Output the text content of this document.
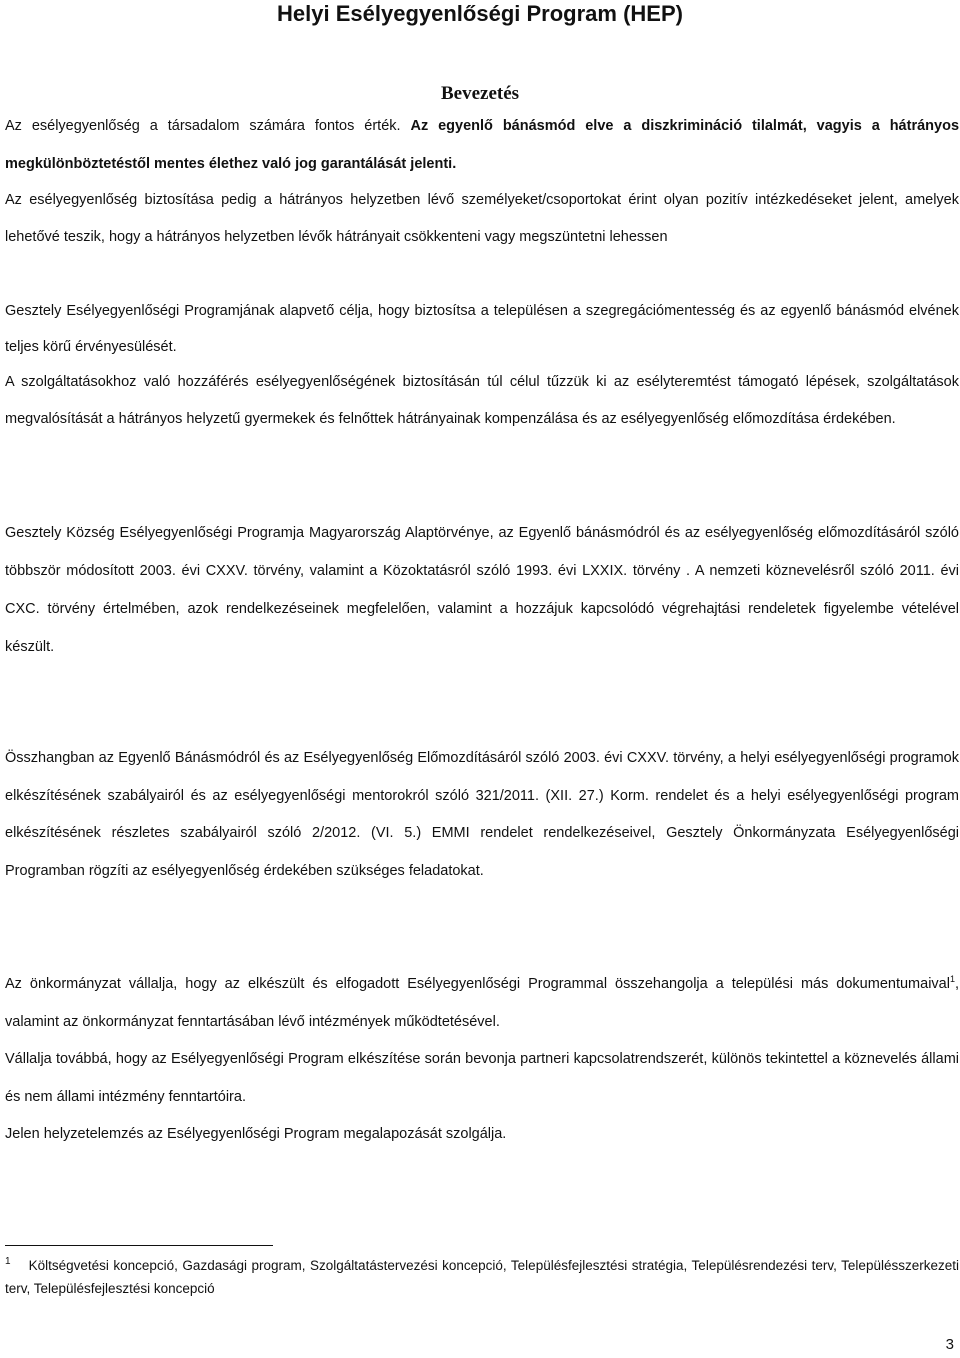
Helyi Esélyegyenlőségi Program (HEP)
Bevezetés

Az esélyegyenlőség a társadalom számára fontos érték. Az egyenlő bánásmód elve a diszkrimináció tilalmát, vagyis a hátrányos megkülönböztetéstől mentes élethez való jog garantálását jelenti.

Az esélyegyenlőség biztosítása pedig a hátrányos helyzetben lévő személyeket/csoportokat érint olyan pozitív intézkedéseket jelent, amelyek lehetővé teszik, hogy a hátrányos helyzetben lévők hátrányait csökkenteni vagy megszüntetni lehessen

Gesztely Esélyegyenlőségi Programjának alapvető célja, hogy biztosítsa a településen a szegregációmentesség és az egyenlő bánásmód elvének teljes körű érvényesülését.

A szolgáltatásokhoz való hozzáférés esélyegyenlőségének biztosításán túl célul tűzzük ki az esélyteremtést támogató lépések, szolgáltatások megvalósítását a hátrányos helyzetű gyermekek és felnőttek hátrányainak kompenzálása és az esélyegyenlőség előmozdítása érdekében.

Gesztely Község Esélyegyenlőségi Programja Magyarország Alaptörvénye, az Egyenlő bánásmódról és az esélyegyenlőség előmozdításáról szóló többször módosított 2003. évi CXXV. törvény, valamint a Közoktatásról szóló 1993. évi LXXIX. törvény . A nemzeti köznevelésről szóló 2011. évi CXC. törvény értelmében, azok rendelkezéseinek megfelelően, valamint a hozzájuk kapcsolódó végrehajtási rendeletek figyelembe vételével készült.

Összhangban az Egyenlő Bánásmódról és az Esélyegyenlőség Előmozdításáról szóló 2003. évi CXXV. törvény, a helyi esélyegyenlőségi programok elkészítésének szabályairól és az esélyegyenlőségi mentorokról szóló 321/2011. (XII. 27.) Korm. rendelet és a helyi esélyegyenlőségi program elkészítésének részletes szabályairól szóló 2/2012. (VI. 5.) EMMI rendelet rendelkezéseivel, Gesztely Önkormányzata Esélyegyenlőségi Programban rögzíti az esélyegyenlőség érdekében szükséges feladatokat.

Az önkormányzat vállalja, hogy az elkészült és elfogadott Esélyegyenlőségi Programmal összehangolja a települési más dokumentumaival$^1$, valamint az önkormányzat fenntartásában lévő intézmények működtetésével.

Vállalja továbbá, hogy az Esélyegyenlőségi Program elkészítése során bevonja partneri kapcsolatrendszerét, különös tekintettel a köznevelés állami és nem állami intézmény fenntartóira.

Jelen helyzetelemzés az Esélyegyenlőségi Program megalapozását szolgálja.

$^1$ Költségvetési koncepció, Gazdasági program, Szolgáltatástervezési koncepció, Településfejlesztési stratégia, Településrendezési terv, Településszerkezeti terv, Településfejlesztési koncepció

3
